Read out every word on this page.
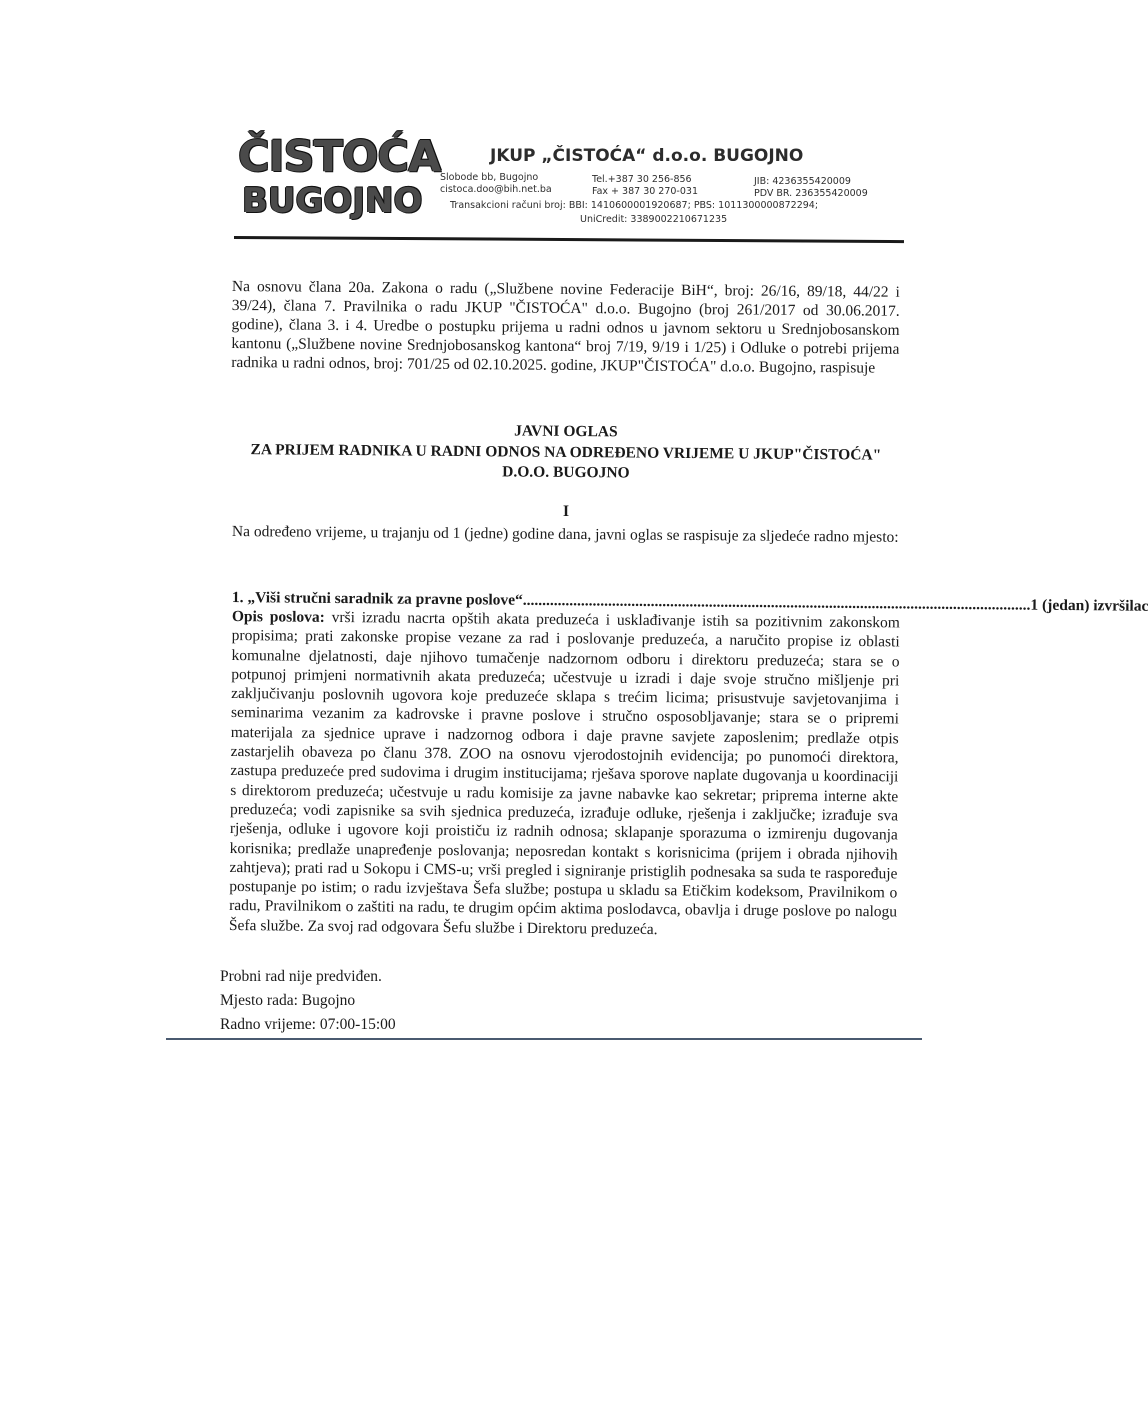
ČISTOĆA
BUGOJNO
JKUP „ČISTOĆA“ d.o.o. BUGOJNO
Slobode bb, Bugojno
cistoca.doo@bih.net.ba
Tel.+387 30 256-856
Fax + 387 30 270-031
JIB: 4236355420009
PDV BR. 236355420009
Transakcioni računi broj: BBI: 1410600001920687; PBS: 1011300000872294;
UniCredit: 3389002210671235
Na osnovu člana 20a. Zakona o radu („Službene novine Federacije BiH“, broj: 26/16, 89/18, 44/22 i 39/24), člana 7. Pravilnika o radu JKUP "ČISTOĆA" d.o.o. Bugojno (broj 261/2017 od 30.06.2017. godine), člana 3. i 4. Uredbe o postupku prijema u radni odnos u javnom sektoru u Srednjobosanskom kantonu („Službene novine Srednjobosanskog kantona“ broj 7/19, 9/19 i 1/25) i Odluke o potrebi prijema radnika u radni odnos, broj: 701/25 od 02.10.2025. godine, JKUP"ČISTOĆA" d.o.o. Bugojno, raspisuje
JAVNI OGLAS
ZA PRIJEM RADNIKA U RADNI ODNOS NA ODREĐENO VRIJEME U JKUP"ČISTOĆA"
D.O.O. BUGOJNO
I
Na određeno vrijeme, u trajanju od 1 (jedne) godine dana, javni oglas se raspisuje za sljedeće radno mjesto:
1. „Viši stručni saradnik za pravne poslove“ ................................................................................................................................... 1 (jedan) izvršilac
Opis poslova: vrši izradu nacrta opštih akata preduzeća i usklađivanje istih sa pozitivnim zakonskom propisima; prati zakonske propise vezane za rad i poslovanje preduzeća, a naručito propise iz oblasti komunalne djelatnosti, daje njihovo tumačenje nadzornom odboru i direktoru preduzeća; stara se o potpunoj primjeni normativnih akata preduzeća; učestvuje u izradi i daje svoje stručno mišljenje pri zaključivanju poslovnih ugovora koje preduzeće sklapa s trećim licima; prisustvuje savjetovanjima i seminarima vezanim za kadrovske i pravne poslove i stručno osposobljavanje; stara se o pripremi materijala za sjednice uprave i nadzornog odbora i daje pravne savjete zaposlenim; predlaže otpis zastarjelih obaveza po članu 378. ZOO na osnovu vjerodostojnih evidencija; po punomoći direktora, zastupa preduzeće pred sudovima i drugim institucijama; rješava sporove naplate dugovanja u koordinaciji s direktorom preduzeća; učestvuje u radu komisije za javne nabavke kao sekretar; priprema interne akte preduzeća; vodi zapisnike sa svih sjednica preduzeća, izrađuje odluke, rješenja i zaključke; izrađuje sva rješenja, odluke i ugovore koji proističu iz radnih odnosa; sklapanje sporazuma o izmirenju dugovanja korisnika; predlaže unapređenje poslovanja; neposredan kontakt s korisnicima (prijem i obrada njihovih zahtjeva); prati rad u Sokopu i CMS-u; vrši pregled i signiranje pristiglih podnesaka sa suda te raspoređuje postupanje po istim; o radu izvještava Šefa službe; postupa u skladu sa Etičkim kodeksom, Pravilnikom o radu, Pravilnikom o zaštiti na radu, te drugim općim aktima poslodavca, obavlja i druge poslove po nalogu Šefa službe. Za svoj rad odgovara Šefu službe i Direktoru preduzeća.
Probni rad nije predviđen.
Mjesto rada: Bugojno
Radno vrijeme: 07:00-15:00
